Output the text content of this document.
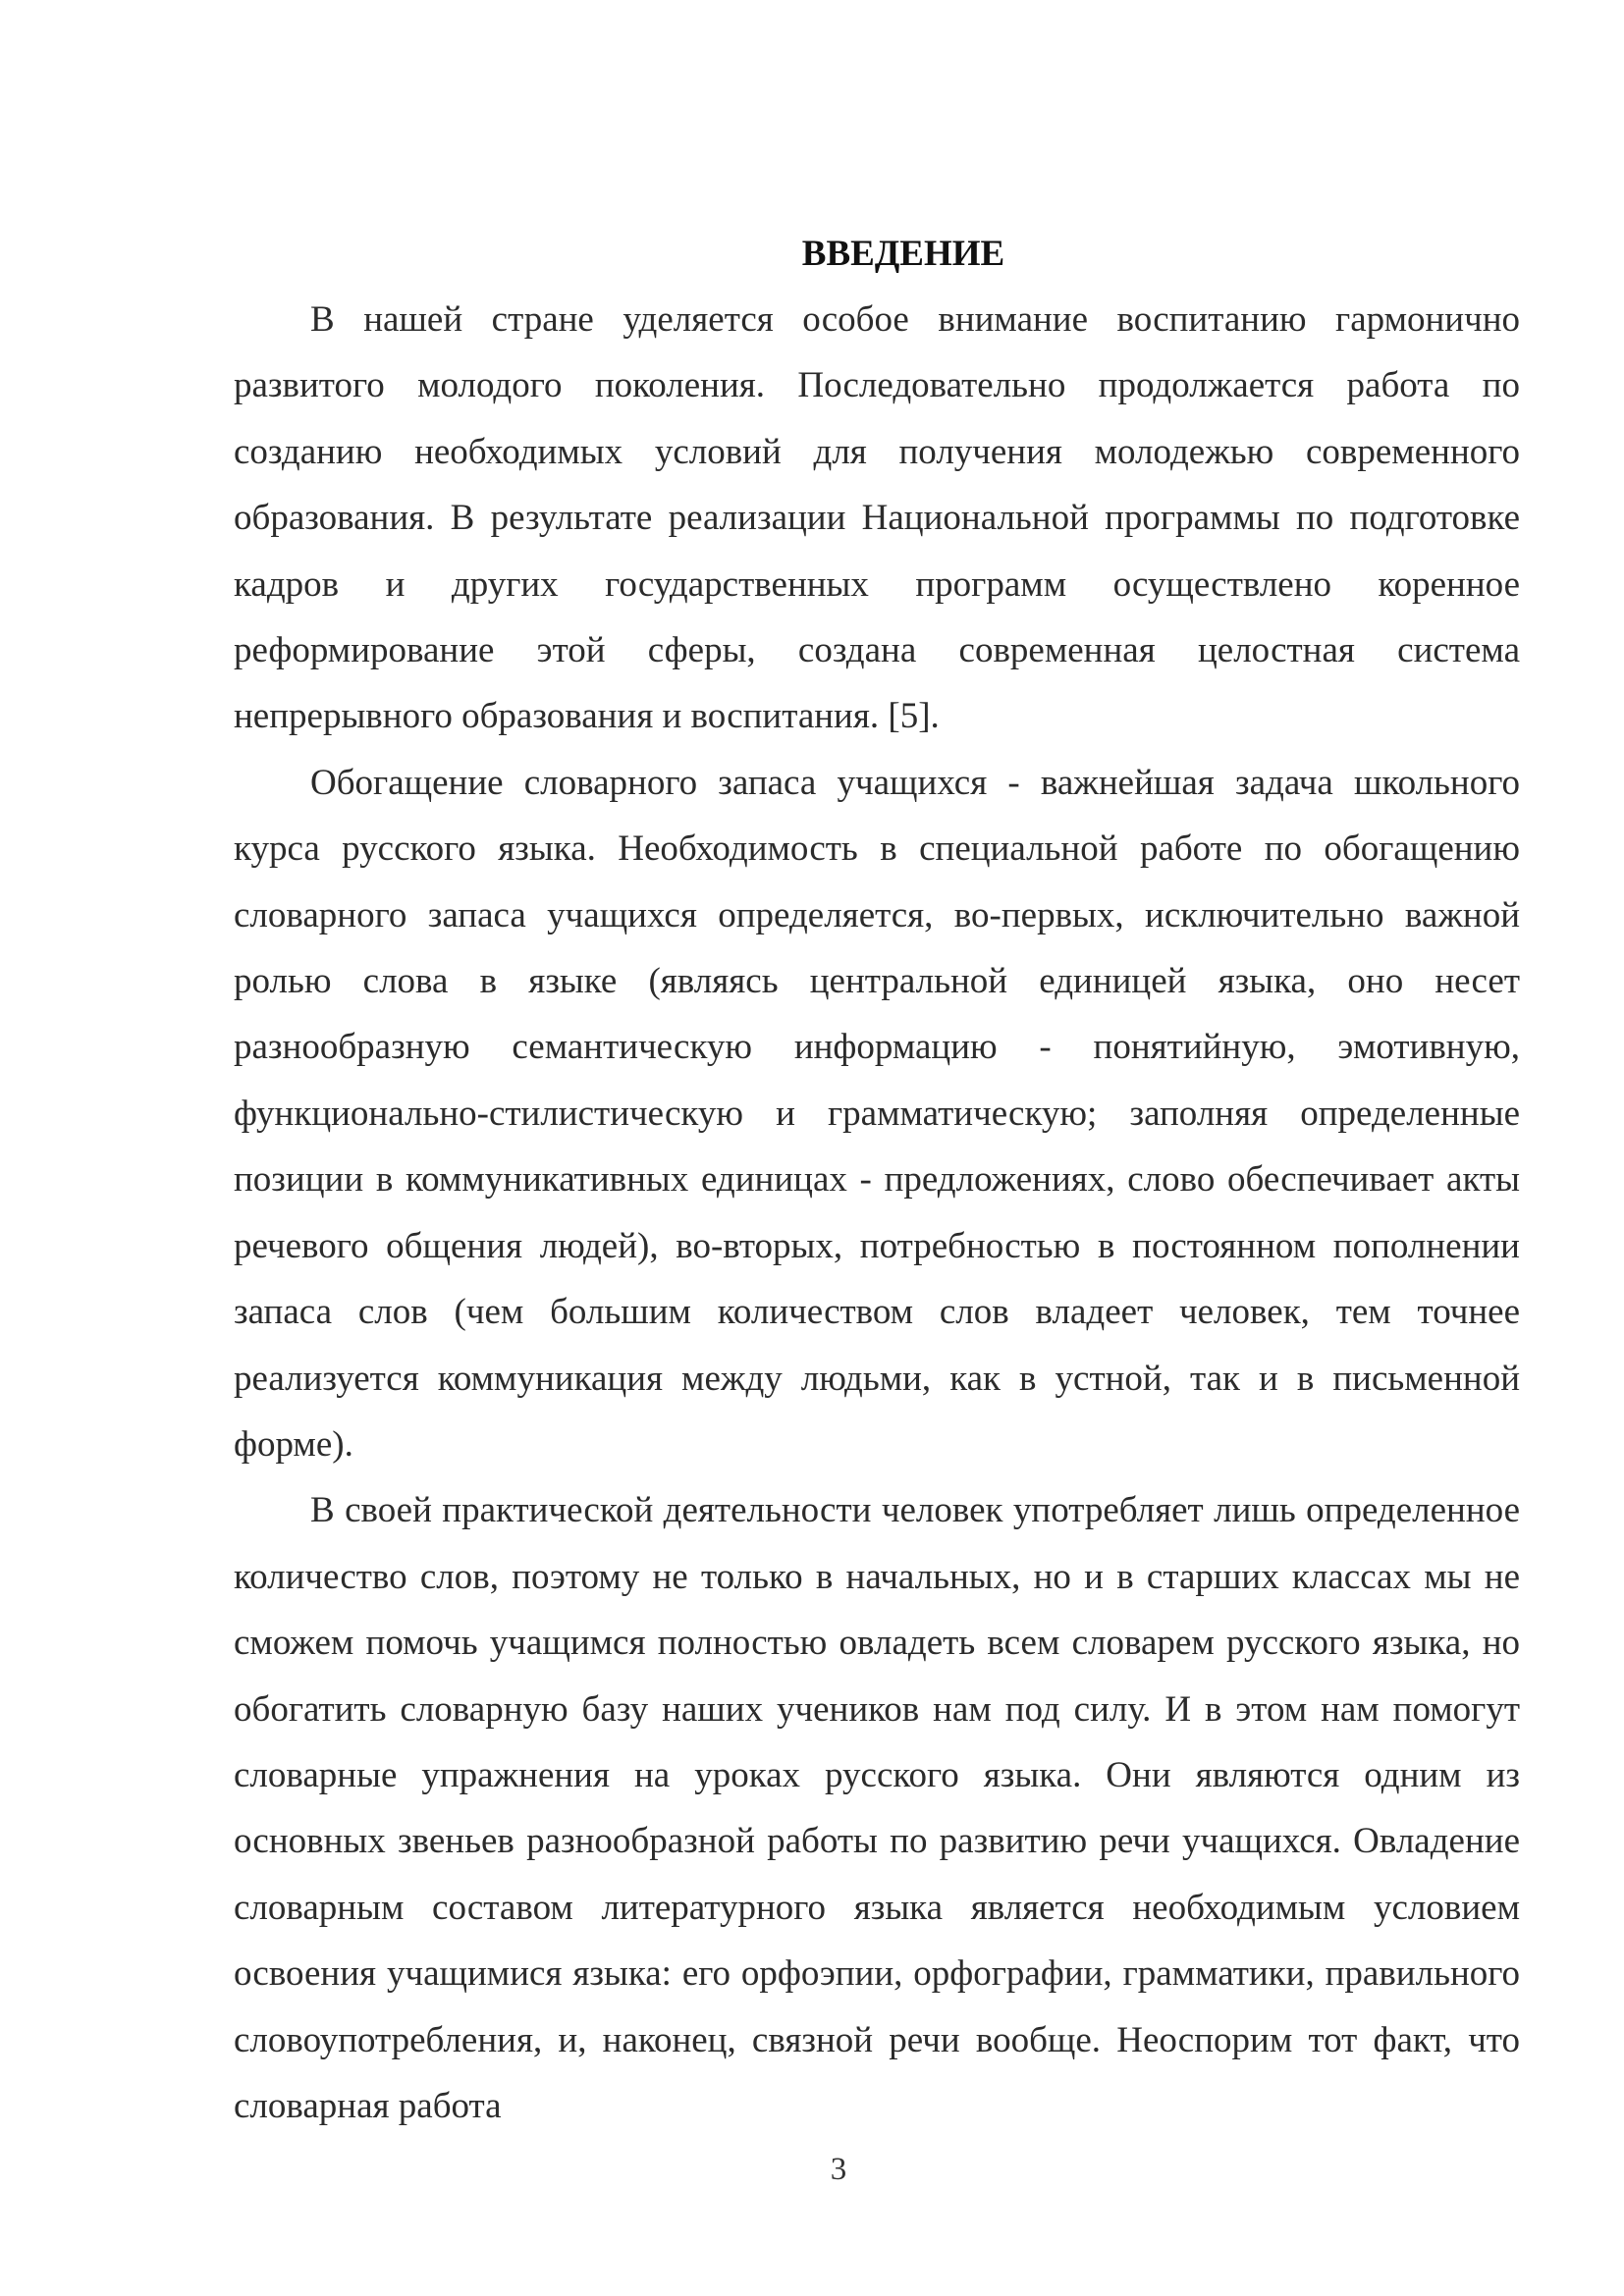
ВВЕДЕНИЕ

В нашей стране уделяется особое внимание воспитанию гармонично развитого молодого поколения. Последовательно продолжается работа по созданию необходимых условий для получения молодежью современного образования. В результате реализации Национальной программы по подготовке кадров и других государственных программ осуществлено коренное реформирование этой сферы, создана современная целостная система непрерывного образования и воспитания. [5].

Обогащение словарного запаса учащихся - важнейшая задача школьного курса русского языка. Необходимость в специальной работе по обогащению словарного запаса учащихся определяется, во-первых, исключительно важной ролью слова в языке (являясь центральной единицей языка, оно несет разнообразную семантическую информацию - понятийную, эмотивную, функционально-стилистическую и грамматическую; заполняя определенные позиции в коммуникативных единицах - предложениях, слово обеспечивает акты речевого общения людей), во-вторых, потребностью в постоянном пополнении запаса слов (чем большим количеством слов владеет человек, тем точнее реализуется коммуникация между людьми, как в устной, так и в письменной форме).

В своей практической деятельности человек употребляет лишь определенное количество слов, поэтому не только в начальных, но и в старших классах мы не сможем помочь учащимся полностью овладеть всем словарем русского языка, но обогатить словарную базу наших учеников нам под силу. И в этом нам помогут словарные упражнения на уроках русского языка. Они являются одним из основных звеньев разнообразной работы по развитию речи учащихся. Овладение словарным составом литературного языка является необходимым условием освоения учащимися языка: его орфоэпии, орфографии, грамматики, правильного словоупотребления, и, наконец, связной речи вообще. Неоспорим тот факт, что словарная работа

3
